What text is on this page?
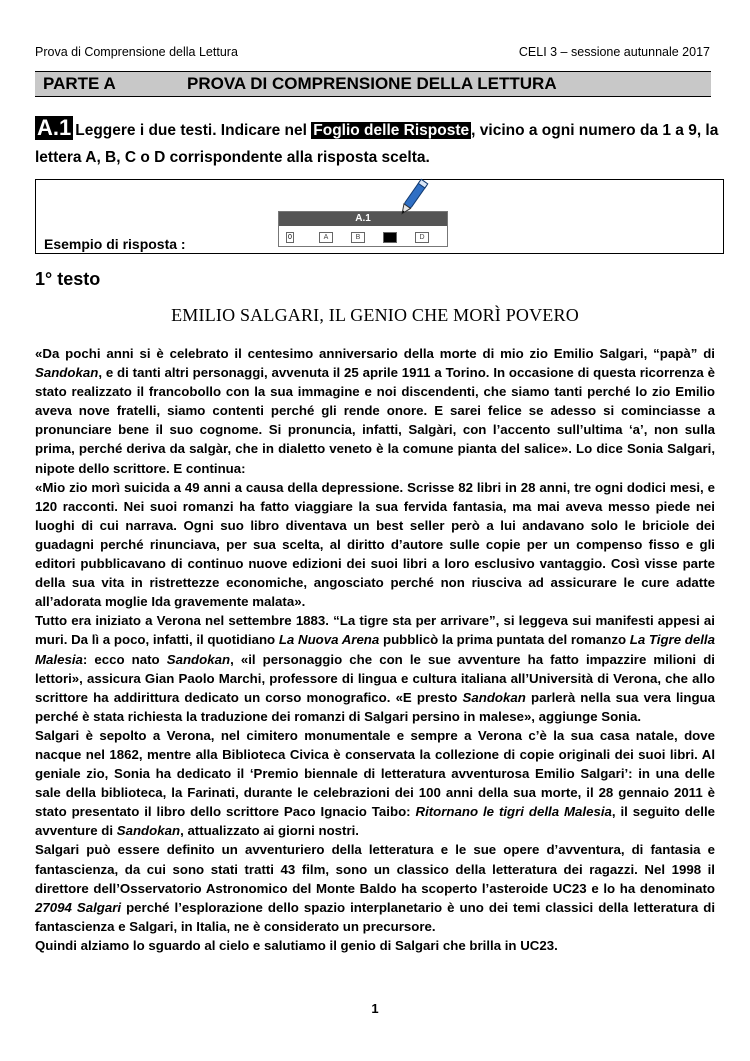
Prova di Comprensione della Lettura	CELI 3 – sessione autunnale 2017
PARTE A	PROVA DI COMPRENSIONE DELLA LETTURA
A.1 Leggere i due testi. Indicare nel Foglio delle Risposte , vicino a ogni numero da 1 a 9, la lettera A, B, C o D corrispondente alla risposta scelta.
Esempio di risposta :
A.1
0	A	B	C	D
1° testo
EMILIO SALGARI, IL GENIO CHE MORÌ POVERO

«Da pochi anni si è celebrato il centesimo anniversario della morte di mio zio Emilio Salgari, “papà” di Sandokan, e di tanti altri personaggi, avvenuta il 25 aprile 1911 a Torino. In occasione di questa ricorrenza è stato realizzato il francobollo con la sua immagine e noi discendenti, che siamo tanti perché lo zio Emilio aveva nove fratelli, siamo contenti perché gli rende onore. E sarei felice se adesso si cominciasse a pronunciare bene il suo cognome. Si pronuncia, infatti, Salgàri, con l’accento sull’ultima ‘a’, non sulla prima, perché deriva da salgàr, che in dialetto veneto è la comune pianta del salice». Lo dice Sonia Salgari, nipote dello scrittore. E continua:

«Mio zio morì suicida a 49 anni a causa della depressione. Scrisse 82 libri in 28 anni, tre ogni dodici mesi, e 120 racconti. Nei suoi romanzi ha fatto viaggiare la sua fervida fantasia, ma mai aveva messo piede nei luoghi di cui narrava. Ogni suo libro diventava un best seller però a lui andavano solo le briciole dei guadagni perché rinunciava, per sua scelta, al diritto d’autore sulle copie per un compenso fisso e gli editori pubblicavano di continuo nuove edizioni dei suoi libri a loro esclusivo vantaggio. Così visse parte della sua vita in ristrettezze economiche, angosciato perché non riusciva ad assicurare le cure adatte all’adorata moglie Ida gravemente malata».

Tutto era iniziato a Verona nel settembre 1883. “La tigre sta per arrivare”, si leggeva sui manifesti appesi ai muri. Da lì a poco, infatti, il quotidiano La Nuova Arena pubblicò la prima puntata del romanzo La Tigre della Malesia: ecco nato Sandokan, «il personaggio che con le sue avventure ha fatto impazzire milioni di lettori», assicura Gian Paolo Marchi, professore di lingua e cultura italiana all’Università di Verona, che allo scrittore ha addirittura dedicato un corso monografico. «E presto Sandokan parlerà nella sua vera lingua perché è stata richiesta la traduzione dei romanzi di Salgari persino in malese», aggiunge Sonia.

Salgari è sepolto a Verona, nel cimitero monumentale e sempre a Verona c’è la sua casa natale, dove nacque nel 1862, mentre alla Biblioteca Civica è conservata la collezione di copie originali dei suoi libri. Al geniale zio, Sonia ha dedicato il ‘Premio biennale di letteratura avventurosa Emilio Salgari’: in una delle sale della biblioteca, la Farinati, durante le celebrazioni dei 100 anni della sua morte, il 28 gennaio 2011 è stato presentato il libro dello scrittore Paco Ignacio Taibo: Ritornano le tigri della Malesia, il seguito delle avventure di Sandokan, attualizzato ai giorni nostri.

Salgari può essere definito un avventuriero della letteratura e le sue opere d’avventura, di fantasia e fantascienza, da cui sono stati tratti 43 film, sono un classico della letteratura dei ragazzi. Nel 1998 il direttore dell’Osservatorio Astronomico del Monte Baldo ha scoperto l’asteroide UC23 e lo ha denominato 27094 Salgari perché l’esplorazione dello spazio interplanetario è uno dei temi classici della letteratura di fantascienza e Salgari, in Italia, ne è considerato un precursore.

Quindi alziamo lo sguardo al cielo e salutiamo il genio di Salgari che brilla in UC23.

1
